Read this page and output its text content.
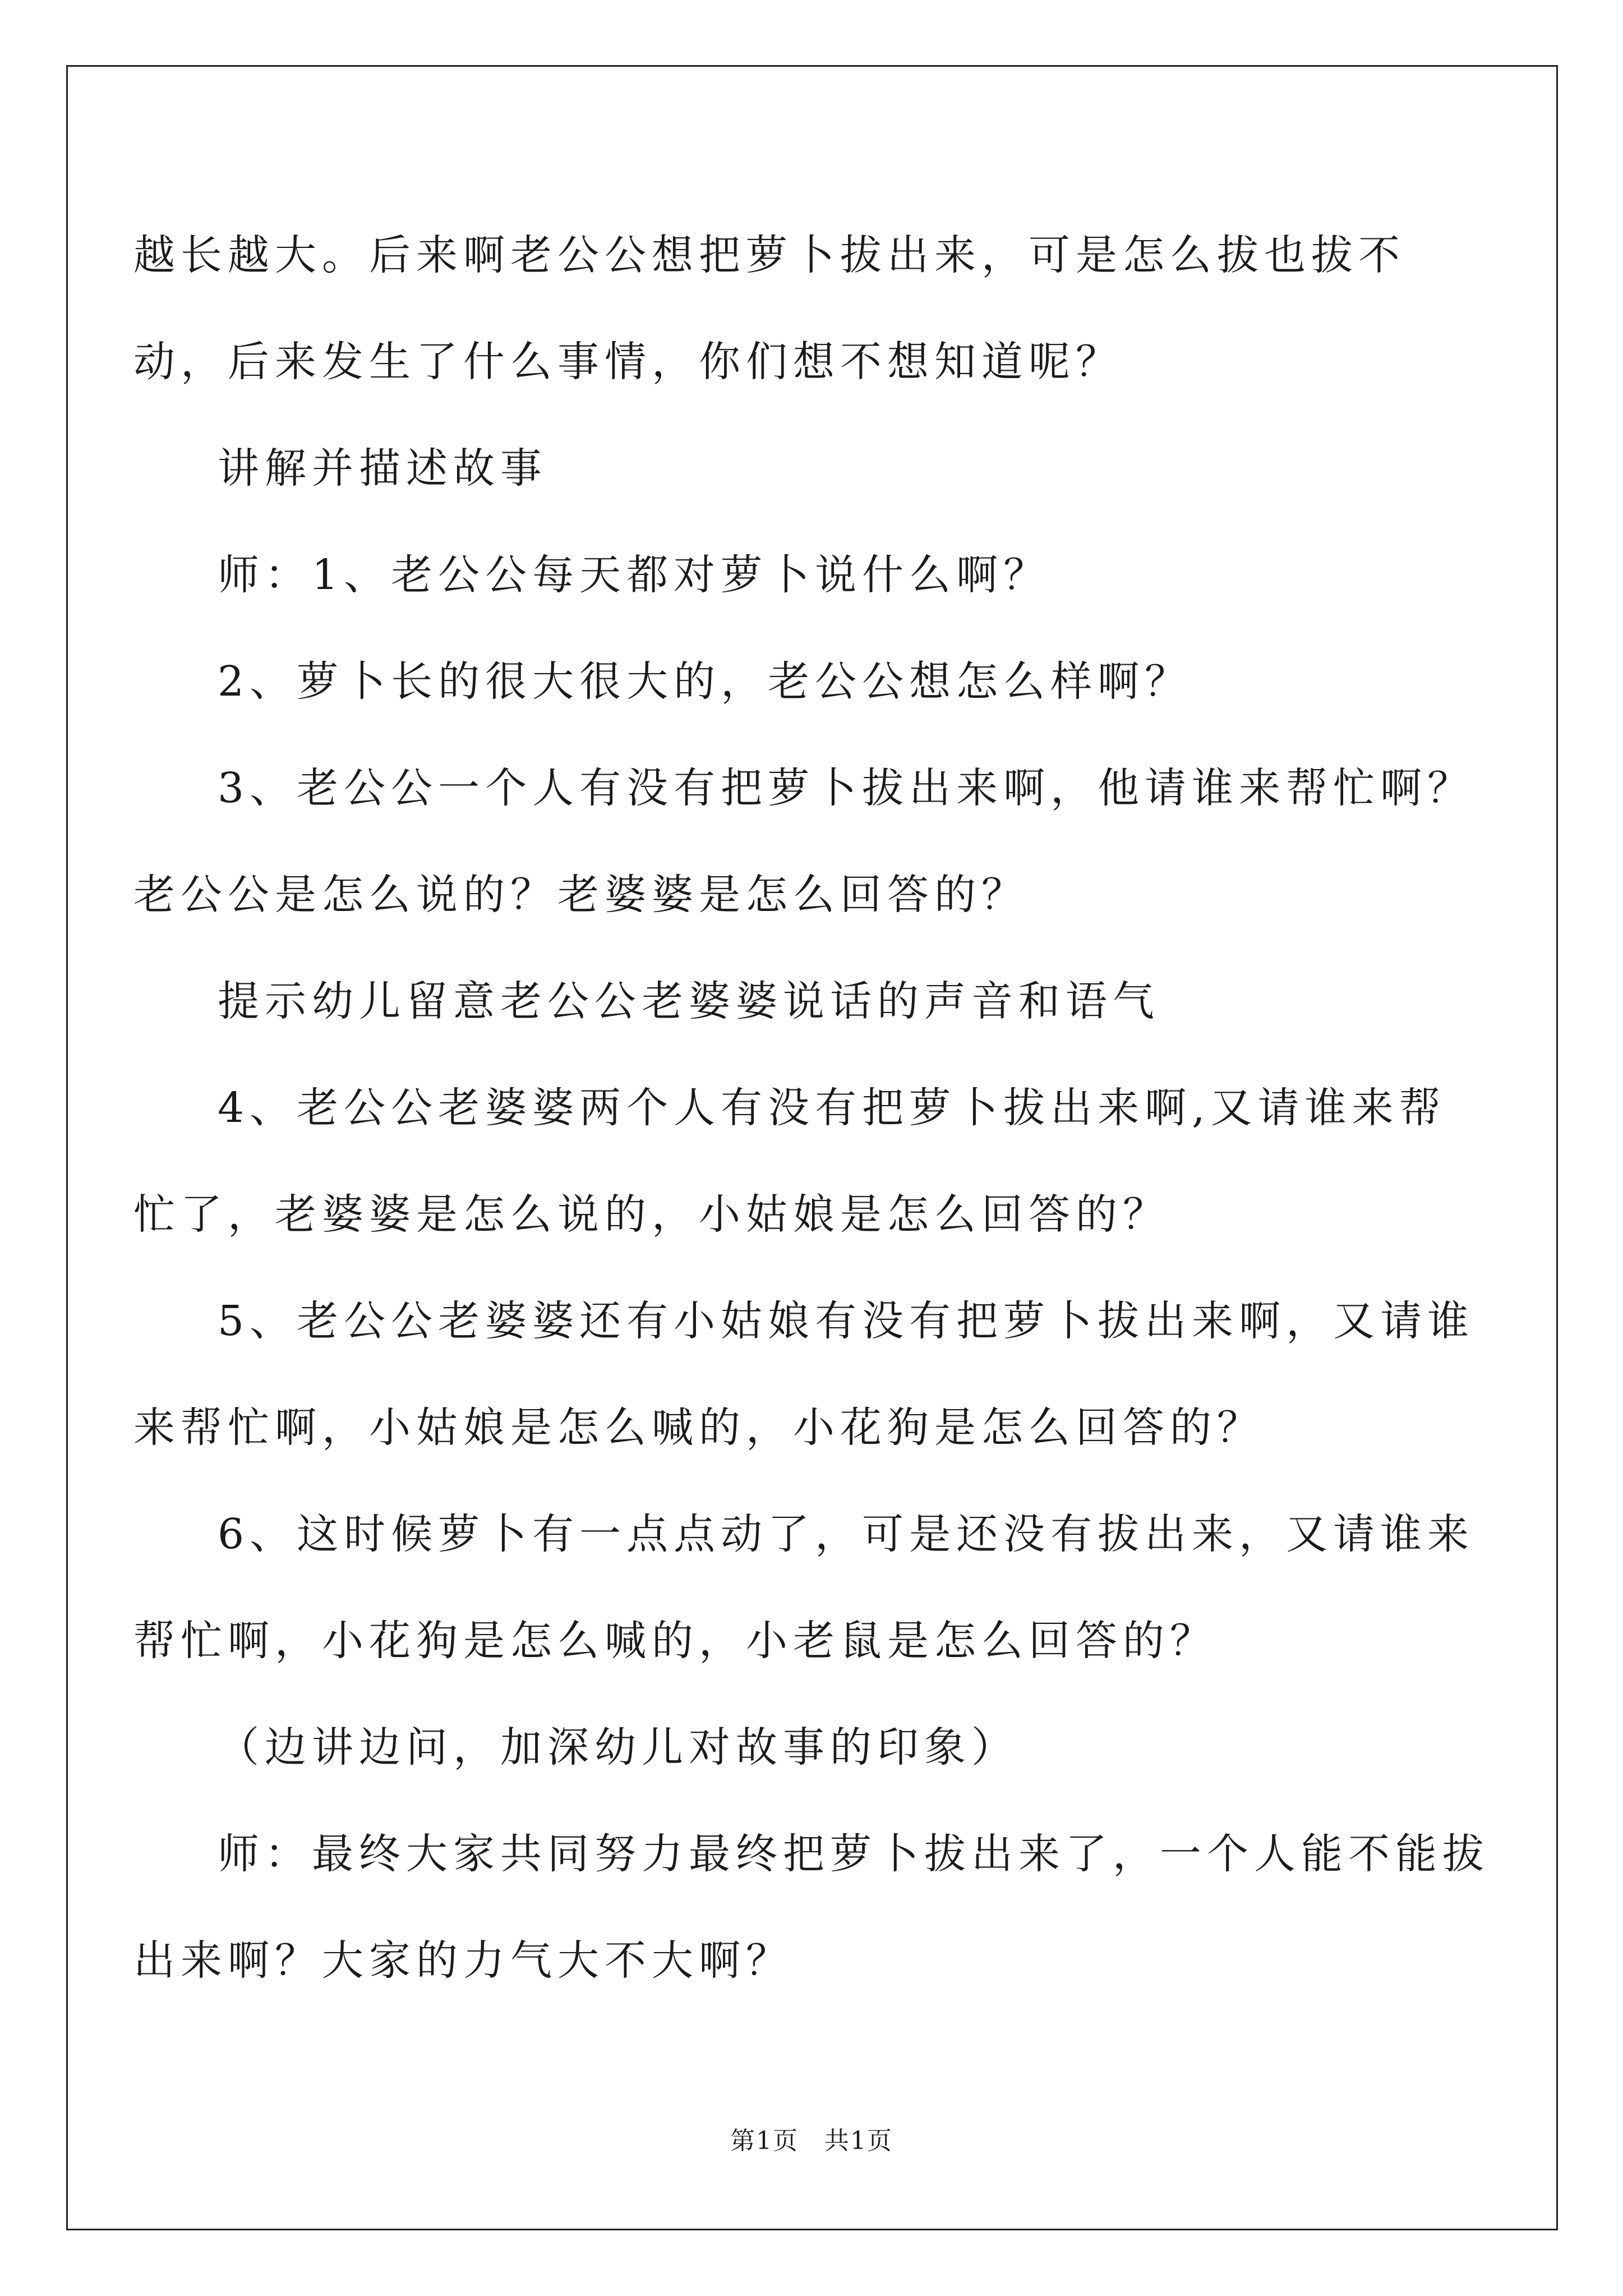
越长越大。后来啊老公公想把萝卜拔出来，可是怎么拔也拔不动，后来发生了什么事情，你们想不想知道呢？

讲解并描述故事

师：1、老公公每天都对萝卜说什么啊？

2、萝卜长的很大很大的，老公公想怎么样啊？

3、老公公一个人有没有把萝卜拔出来啊，他请谁来帮忙啊？老公公是怎么说的？老婆婆是怎么回答的？

提示幼儿留意老公公老婆婆说话的声音和语气

4、老公公老婆婆两个人有没有把萝卜拔出来啊,又请谁来帮忙了，老婆婆是怎么说的，小姑娘是怎么回答的？

5、老公公老婆婆还有小姑娘有没有把萝卜拔出来啊，又请谁来帮忙啊，小姑娘是怎么喊的，小花狗是怎么回答的？

6、这时候萝卜有一点点动了，可是还没有拔出来，又请谁来帮忙啊，小花狗是怎么喊的，小老鼠是怎么回答的？

（边讲边问，加深幼儿对故事的印象）

师：最终大家共同努力最终把萝卜拔出来了，一个人能不能拔出来啊？大家的力气大不大啊？

第1页　共1页
